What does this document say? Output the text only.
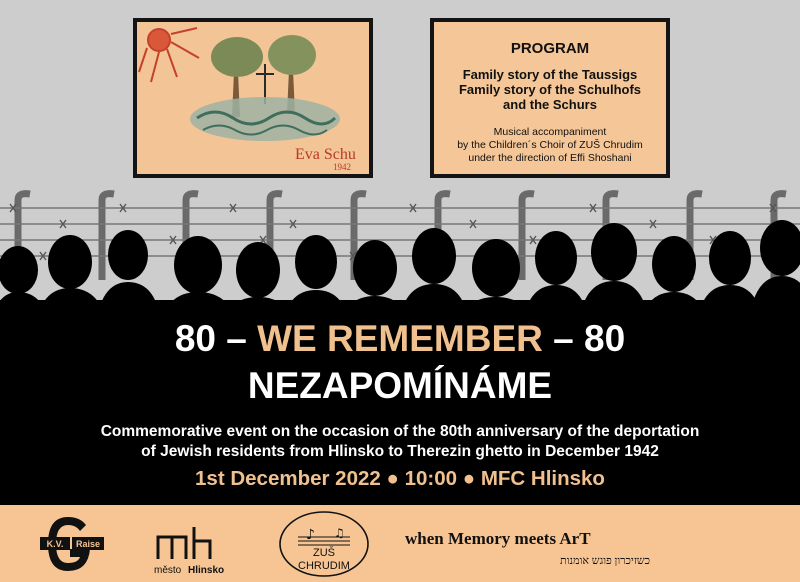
Eva Schu
1942
PROGRAM
Family story of the Taussigs
Family story of the Schulhofs
and the Schurs
Musical accompaniment
by the Children´s Choir of ZUŠ Chrudim
under the direction of Effi Shoshani
80 – WE REMEMBER – 80
NEZAPOMÍNÁME
Commemorative event on the occasion of the 80th anniversary of the deportation
of Jewish residents from Hlinsko to Therezin ghetto in December 1942
1st December 2022 ● 10:00 ● MFC Hlinsko
K.V. Raise
město Hlinsko
♪ ♫
ZUŠ
CHRUDIM
when Memory meets ArT
כשזיכרון פוגש אומנות
